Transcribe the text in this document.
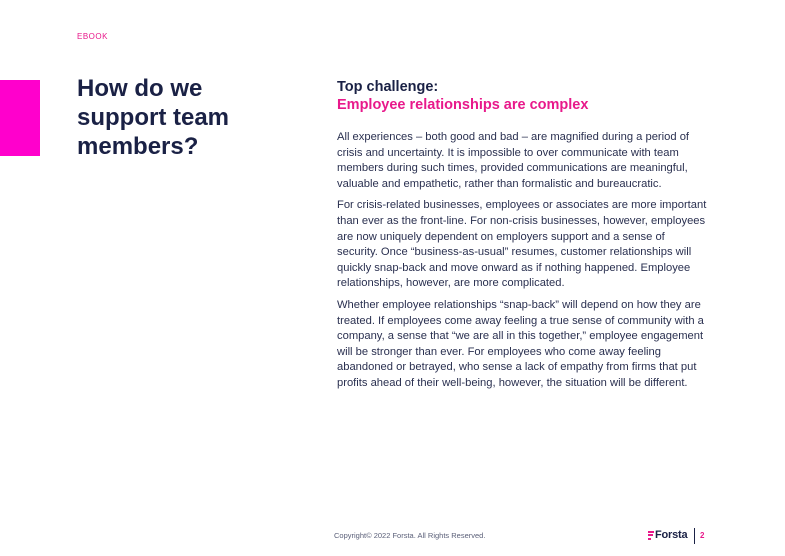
EBOOK
How do we support team members?
Top challenge:
Employee relationships are complex

All experiences – both good and bad – are magnified during a period of crisis and uncertainty. It is impossible to over communicate with team members during such times, provided communications are meaningful, valuable and empathetic, rather than formalistic and bureaucratic.

For crisis-related businesses, employees or associates are more important than ever as the front-line. For non-crisis businesses, however, employees are now uniquely dependent on employers support and a sense of security. Once “business-as-usual” resumes, customer relationships will quickly snap-back and move onward as if nothing happened. Employee relationships, however, are more complicated.

Whether employee relationships “snap-back” will depend on how they are treated. If employees come away feeling a true sense of community with a company, a sense that “we are all in this together,” employee engagement will be stronger than ever. For employees who come away feeling abandoned or betrayed, who sense a lack of empathy from firms that put profits ahead of their well-being, however, the situation will be different.

Copyright© 2022 Forsta. All Rights Reserved.	Forsta 2
